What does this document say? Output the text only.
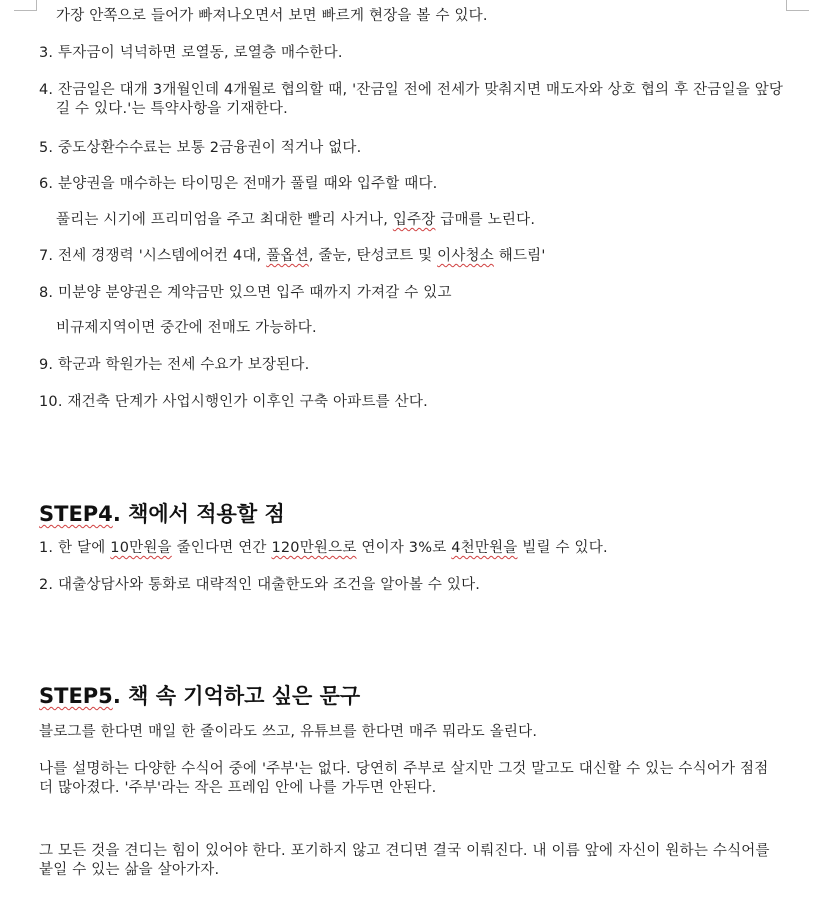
가장 안쪽으로 들어가 빠져나오면서 보면 빠르게 현장을 볼 수 있다.
3. 투자금이 넉넉하면 로열동, 로열층 매수한다.
4. 잔금일은 대개 3개월인데 4개월로 협의할 때, '잔금일 전에 전세가 맞춰지면 매도자와 상호 협의 후 잔금일을 앞당길 수 있다.'는 특약사항을 기재한다.
5. 중도상환수수료는 보통 2금융권이 적거나 없다.
6. 분양권을 매수하는 타이밍은 전매가 풀릴 때와 입주할 때다.
풀리는 시기에 프리미엄을 주고 최대한 빨리 사거나, 입주장 급매를 노린다.
7. 전세 경쟁력 '시스템에어컨 4대, 풀옵션, 줄눈, 탄성코트 및 이사청소 해드림'
8. 미분양 분양권은 계약금만 있으면 입주 때까지 가져갈 수 있고
비규제지역이면 중간에 전매도 가능하다.
9. 학군과 학원가는 전세 수요가 보장된다.
10. 재건축 단계가 사업시행인가 이후인 구축 아파트를 산다.
STEP4. 책에서 적용할 점
1. 한 달에 10만원을 줄인다면 연간 120만원으로 연이자 3%로 4천만원을 빌릴 수 있다.
2. 대출상담사와 통화로 대략적인 대출한도와 조건을 알아볼 수 있다.
STEP5. 책 속 기억하고 싶은 문구
블로그를 한다면 매일 한 줄이라도 쓰고, 유튜브를 한다면 매주 뭐라도 올린다.
나를 설명하는 다양한 수식어 중에 '주부'는 없다. 당연히 주부로 살지만 그것 말고도 대신할 수 있는 수식어가 점점 더 많아졌다. '주부'라는 작은 프레임 안에 나를 가두면 안된다.
그 모든 것을 견디는 힘이 있어야 한다. 포기하지 않고 견디면 결국 이뤄진다. 내 이름 앞에 자신이 원하는 수식어를 붙일 수 있는 삶을 살아가자.
